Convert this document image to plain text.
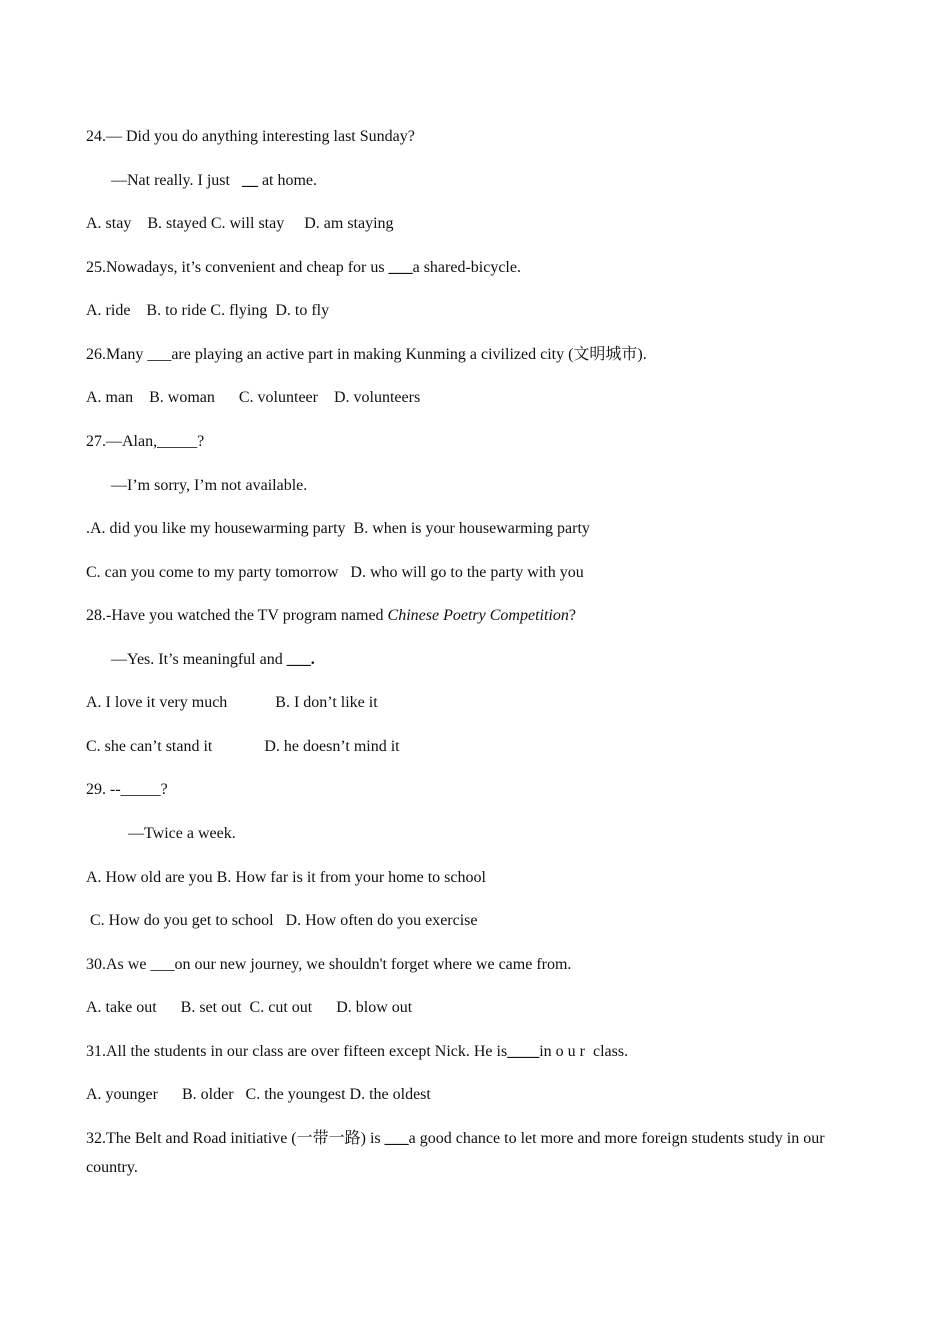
24.— Did you do anything interesting last Sunday?

—Nat really. I just   __ at home.

A. stay    B. stayed C. will stay     D. am staying

25.Nowadays, it’s convenient and cheap for us ___a shared-bicycle.

A. ride    B. to ride C. flying  D. to fly

26.Many ___are playing an active part in making Kunming a civilized city (文明城市).

A. man    B. woman      C. volunteer    D. volunteers

27.—Alan,_____?

—I’m sorry, I’m not available.

.A. did you like my housewarming party  B. when is your housewarming party

C. can you come to my party tomorrow   D. who will go to the party with you

28.-Have you watched the TV program named Chinese Poetry Competition?

—Yes. It’s meaningful and ___.

A. I love it very much            B. I don’t like it

C. she can’t stand it             D. he doesn’t mind it

29. --_____?

—Twice a week.

A. How old are you B. How far is it from your home to school

C. How do you get to school   D. How often do you exercise

30.As we ___on our new journey, we shouldn't forget where we came from.

A. take out      B. set out  C. cut out      D. blow out

31.All the students in our class are over fifteen except Nick. He is____in o u r  class.

A. younger      B. older   C. the youngest D. the oldest

32.The Belt and Road initiative (一带一路) is ___a good chance to let more and more foreign students study in our country.
